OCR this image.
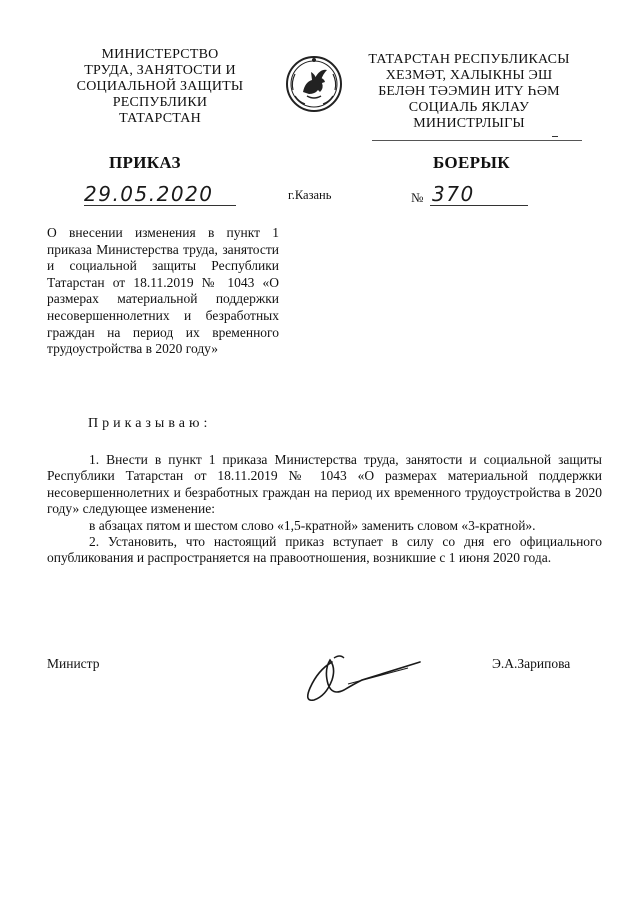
МИНИСТЕРСТВО
ТРУДА, ЗАНЯТОСТИ И
СОЦИАЛЬНОЙ ЗАЩИТЫ
РЕСПУБЛИКИ
ТАТАРСТАН
ТАТАРСТАН РЕСПУБЛИКАСЫ
ХЕЗМӘТ, ХАЛЫКНЫ ЭШ
БЕЛӘН ТӘЭМИН ИТҮ ҺӘМ
СОЦИАЛЬ ЯКЛАУ
МИНИСТРЛЫГЫ
ПРИКАЗ	БОЕРЫК
29.05.2020	г.Казань	№ 370
О внесении изменения в пункт 1 приказа Министерства труда, занятости и социальной защиты Республики Татарстан от 18.11.2019 № 1043 «О размерах материальной поддержки несовершеннолетних и безработных граждан на период их временного трудоустройства в 2020 году»
Приказываю:

1. Внести в пункт 1 приказа Министерства труда, занятости и социальной защиты Республики Татарстан от 18.11.2019 № 1043 «О размерах материальной поддержки несовершеннолетних и безработных граждан на период их временного трудоустройства в 2020 году» следующее изменение:

в абзацах пятом и шестом слово «1,5-кратной» заменить словом «3-кратной».

2. Установить, что настоящий приказ вступает в силу со дня его официального опубликования и распространяется на правоотношения, возникшие с 1 июня 2020 года.

Министр	Э.А.Зарипова
